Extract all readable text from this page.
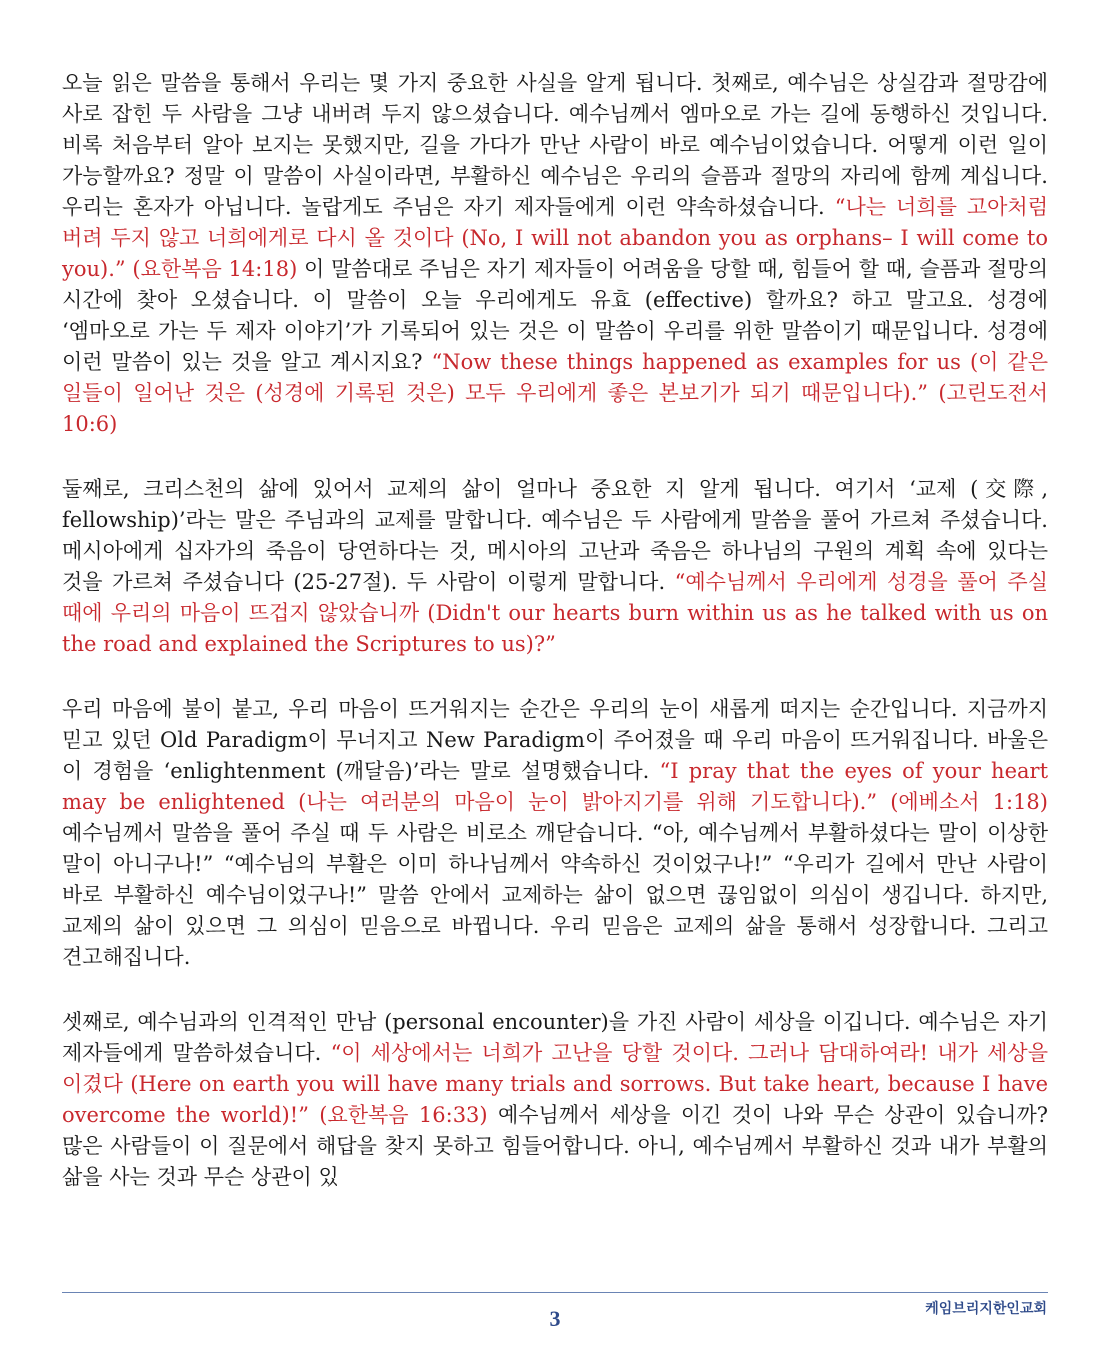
오늘 읽은 말씀을 통해서 우리는 몇 가지 중요한 사실을 알게 됩니다. 첫째로, 예수님은 상실감과 절망감에 사로 잡힌 두 사람을 그냥 내버려 두지 않으셨습니다. 예수님께서 엠마오로 가는 길에 동행하신 것입니다. 비록 처음부터 알아 보지는 못했지만, 길을 가다가 만난 사람이 바로 예수님이었습니다. 어떻게 이런 일이 가능할까요? 정말 이 말씀이 사실이라면, 부활하신 예수님은 우리의 슬픔과 절망의 자리에 함께 계십니다. 우리는 혼자가 아닙니다. 놀랍게도 주님은 자기 제자들에게 이런 약속하셨습니다. “나는 너희를 고아처럼 버려 두지 않고 너희에게로 다시 올 것이다 (No, I will not abandon you as orphans– I will come to you).” (요한복음 14:18) 이 말씀대로 주님은 자기 제자들이 어려움을 당할 때, 힘들어 할 때, 슬픔과 절망의 시간에 찾아 오셨습니다. 이 말씀이 오늘 우리에게도 유효 (effective) 할까요? 하고 말고요. 성경에 ‘엠마오로 가는 두 제자 이야기’가 기록되어 있는 것은 이 말씀이 우리를 위한 말씀이기 때문입니다. 성경에 이런 말씀이 있는 것을 알고 계시지요? “Now these things happened as examples for us (이 같은 일들이 일어난 것은 (성경에 기록된 것은) 모두 우리에게 좋은 본보기가 되기 때문입니다).” (고린도전서 10:6)

둘째로, 크리스천의 삶에 있어서 교제의 삶이 얼마나 중요한 지 알게 됩니다. 여기서 ‘교제 (交際, fellowship)’라는 말은 주님과의 교제를 말합니다. 예수님은 두 사람에게 말씀을 풀어 가르쳐 주셨습니다. 메시아에게 십자가의 죽음이 당연하다는 것, 메시아의 고난과 죽음은 하나님의 구원의 계획 속에 있다는 것을 가르쳐 주셨습니다 (25-27절). 두 사람이 이렇게 말합니다. “예수님께서 우리에게 성경을 풀어 주실 때에 우리의 마음이 뜨겁지 않았습니까 (Didn't our hearts burn within us as he talked with us on the road and explained the Scriptures to us)?”

우리 마음에 불이 붙고, 우리 마음이 뜨거워지는 순간은 우리의 눈이 새롭게 떠지는 순간입니다. 지금까지 믿고 있던 Old Paradigm이 무너지고 New Paradigm이 주어졌을 때 우리 마음이 뜨거워집니다. 바울은 이 경험을 ‘enlightenment (깨달음)’라는 말로 설명했습니다. “I pray that the eyes of your heart may be enlightened (나는 여러분의 마음이 눈이 밝아지기를 위해 기도합니다).” (에베소서 1:18) 예수님께서 말씀을 풀어 주실 때 두 사람은 비로소 깨닫습니다. “아, 예수님께서 부활하셨다는 말이 이상한 말이 아니구나!” “예수님의 부활은 이미 하나님께서 약속하신 것이었구나!” “우리가 길에서 만난 사람이 바로 부활하신 예수님이었구나!” 말씀 안에서 교제하는 삶이 없으면 끊임없이 의심이 생깁니다. 하지만, 교제의 삶이 있으면 그 의심이 믿음으로 바뀝니다. 우리 믿음은 교제의 삶을 통해서 성장합니다. 그리고 견고해집니다.

셋째로, 예수님과의 인격적인 만남 (personal encounter)을 가진 사람이 세상을 이깁니다. 예수님은 자기 제자들에게 말씀하셨습니다. “이 세상에서는 너희가 고난을 당할 것이다. 그러나 담대하여라! 내가 세상을 이겼다 (Here on earth you will have many trials and sorrows. But take heart, because I have overcome the world)!” (요한복음 16:33) 예수님께서 세상을 이긴 것이 나와 무슨 상관이 있습니까? 많은 사람들이 이 질문에서 해답을 찾지 못하고 힘들어합니다. 아니, 예수님께서 부활하신 것과 내가 부활의 삶을 사는 것과 무슨 상관이 있

3	케임브리지한인교회
